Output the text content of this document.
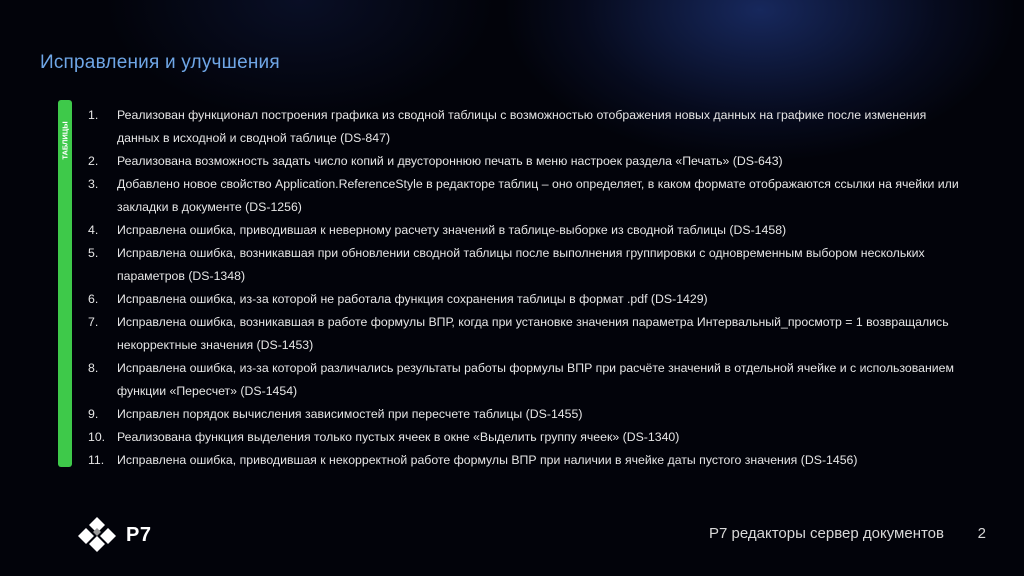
Исправления и улучшения
ТАБЛИЦЫ
1.	Реализован функционал построения графика из сводной таблицы с возможностью отображения новых данных на графике после изменения данных в исходной и сводной таблице (DS-847)
2.	Реализована возможность задать число копий и двустороннюю печать в меню настроек раздела «Печать» (DS-643)
3.	Добавлено новое свойство Application.ReferenceStyle в редакторе таблиц – оно определяет, в каком формате отображаются ссылки на ячейки или закладки в документе (DS-1256)
4.	Исправлена ошибка, приводившая к неверному расчету значений в таблице-выборке из сводной таблицы (DS-1458)
5.	Исправлена ошибка, возникавшая при обновлении сводной таблицы после выполнения группировки с одновременным выбором нескольких параметров (DS-1348)
6.	Исправлена ошибка, из-за которой не работала функция сохранения таблицы в формат .pdf (DS-1429)
7.	Исправлена ошибка, возникавшая в работе формулы ВПР, когда при установке значения параметра Интервальный_просмотр = 1 возвращались некорректные значения (DS-1453)
8.	Исправлена ошибка, из-за которой различались результаты работы формулы ВПР при расчёте значений в отдельной ячейке и с использованием функции «Пересчет» (DS-1454)
9.	Исправлен порядок вычисления зависимостей при пересчете таблицы (DS-1455)
10. Реализована функция выделения только пустых ячеек в окне «Выделить группу ячеек» (DS-1340)
11.	Исправлена ошибка, приводившая к некорректной работе формулы ВПР при наличии в ячейке даты пустого значения (DS-1456)
Р7	Р7 редакторы сервер документов 2
